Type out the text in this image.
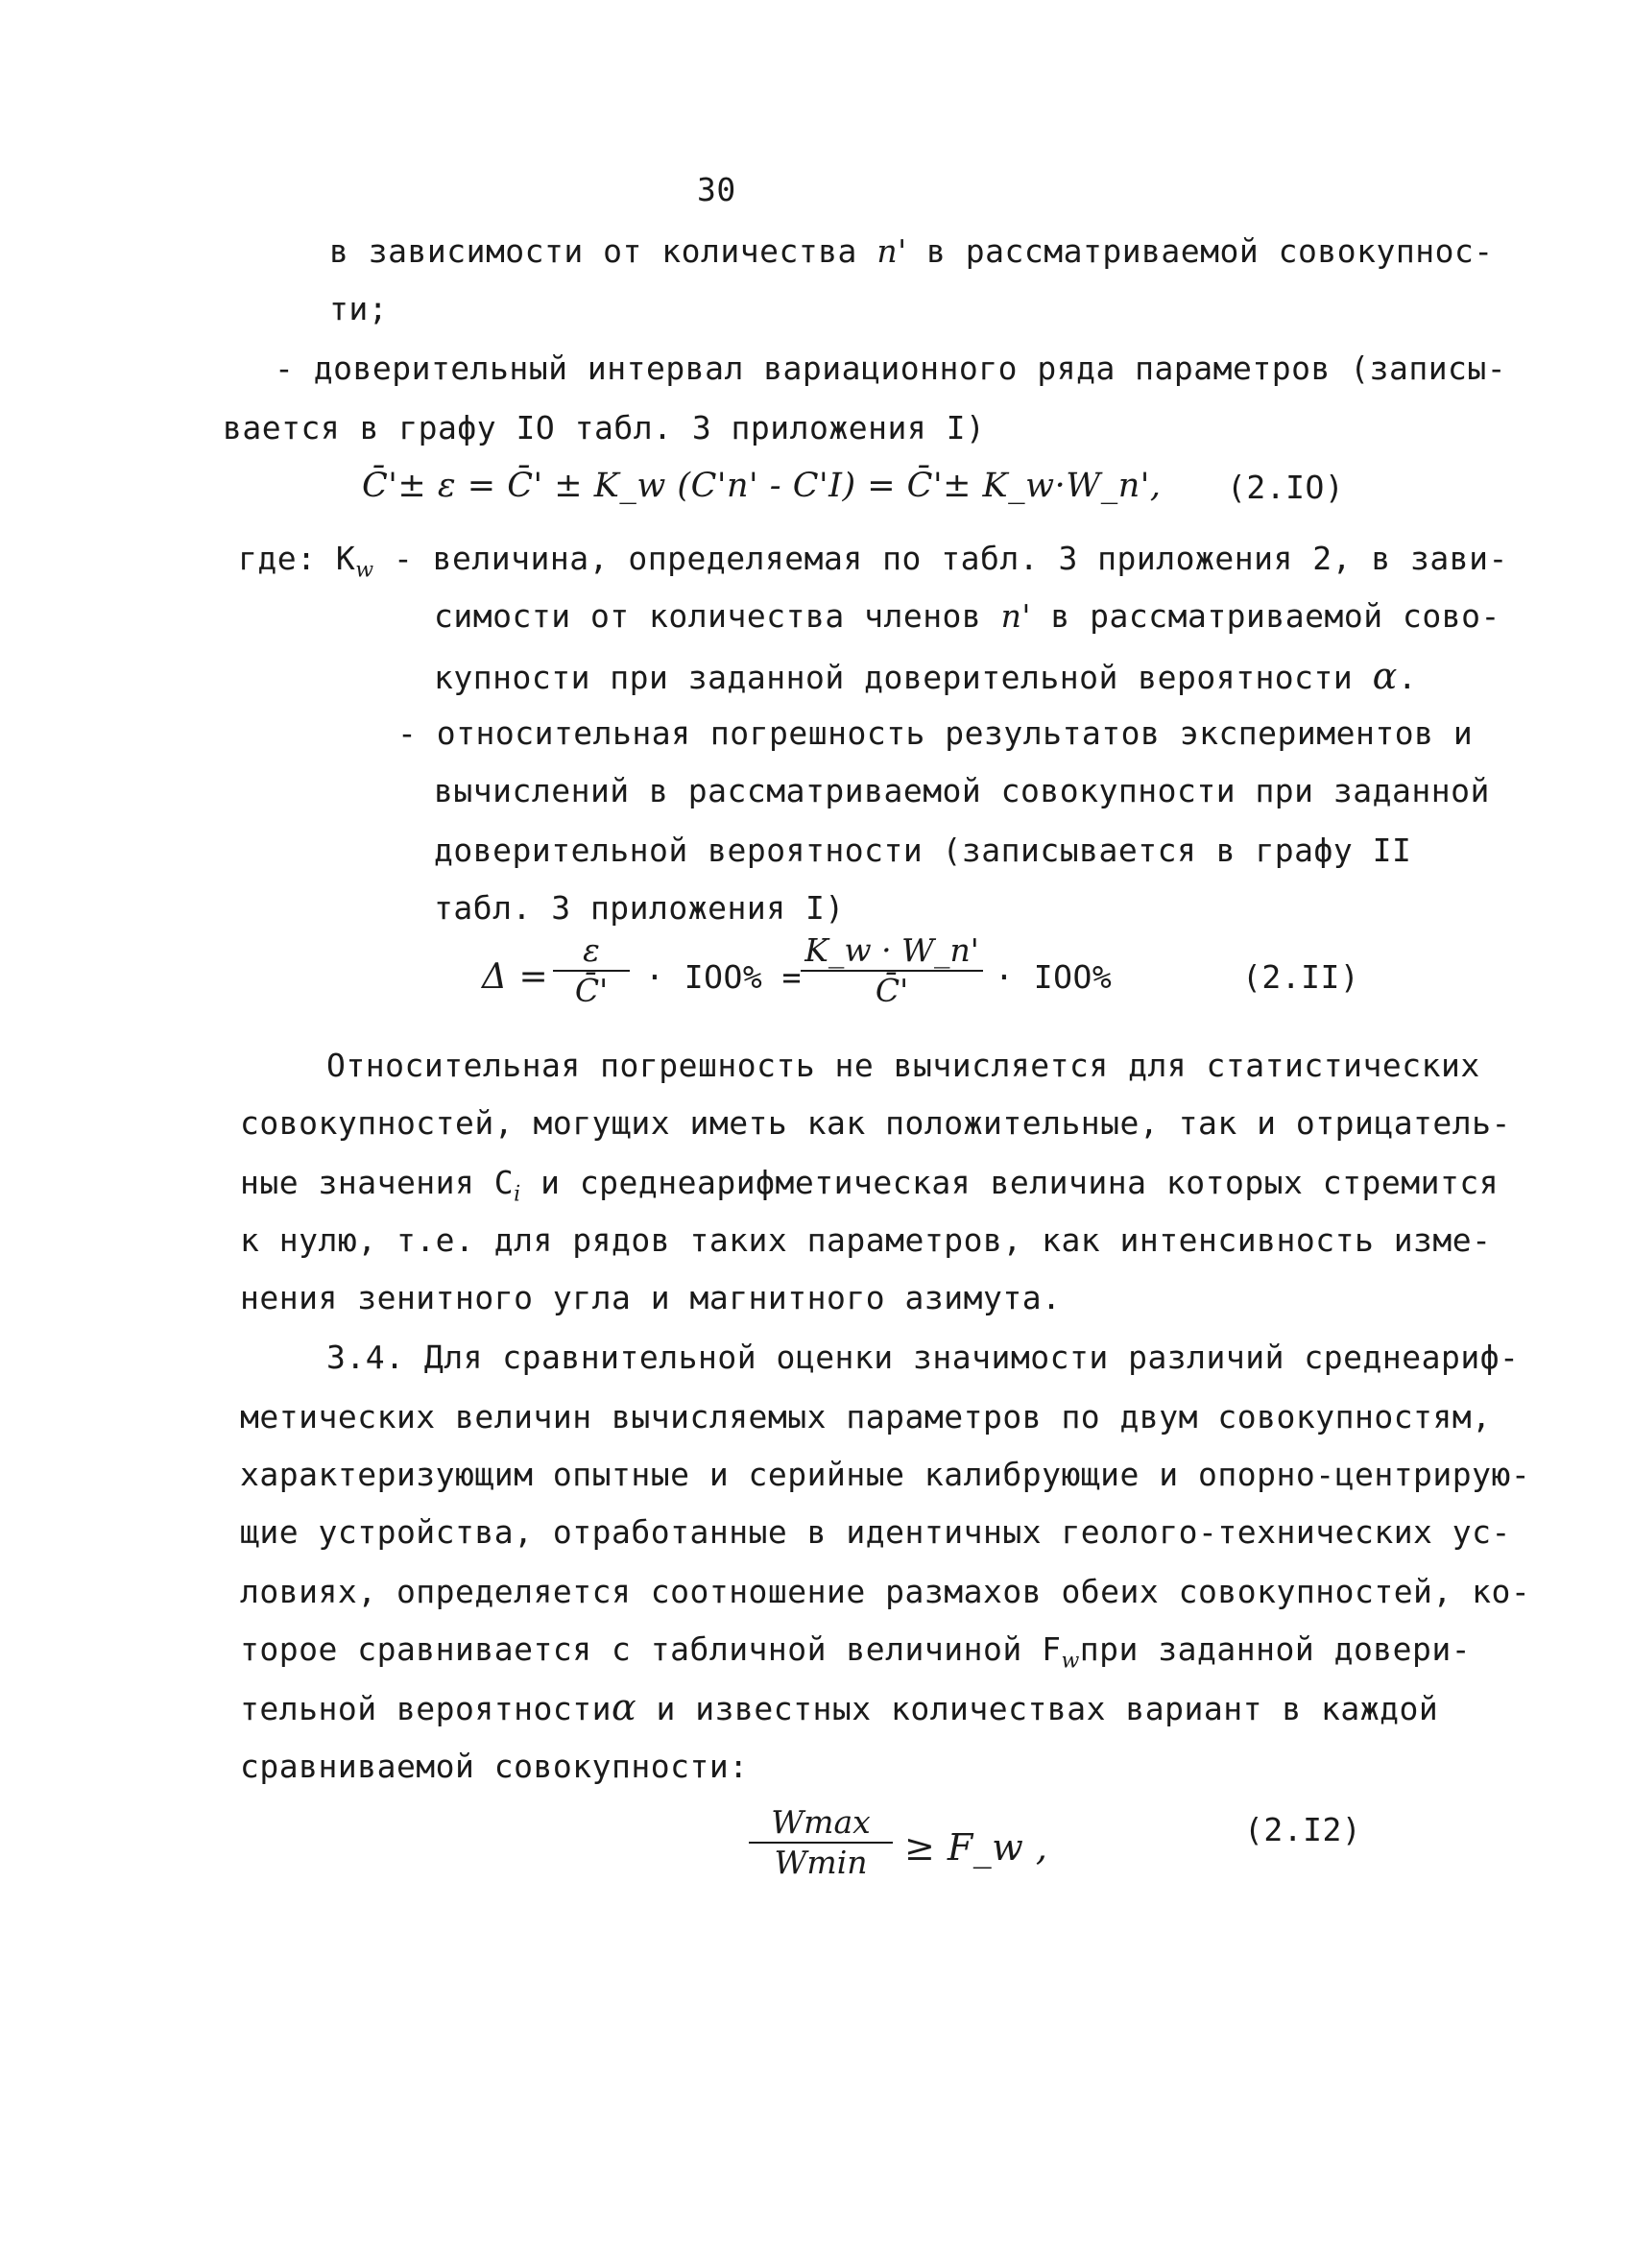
30
в зависимости от количества n' в рассматриваемой совокупнос-
ти;
- доверительный интервал вариационного ряда параметров (записы-
вается в графу IO табл. 3 приложения I)
C̄'± ε = C̄' ± K_w (C'n' - C'I) = C̄'± K_w·W_n', (2.IO)
где: $K_w$ - величина, определяемая по табл. 3 приложения 2, в зави-
симости от количества членов n' в рассматриваемой сово-
купности при заданной доверительной вероятности α.
- относительная погрешность результатов экспериментов и
вычислений в рассматриваемой совокупности при заданной
доверительной вероятности (записывается в графу II
табл. 3 приложения I)
Δ =
ε
C̄'	· IOO% =
K_w · W_n'
C̄'	· IOO%	(2.II)
Относительная погрешность не вычисляется для статистических
совокупностей, могущих иметь как положительные, так и отрицатель-
ные значения $C_i$ и среднеарифметическая величина которых стремится
к нулю, т.е. для рядов таких параметров, как интенсивность изме-
нения зенитного угла и магнитного азимута.
3.4. Для сравнительной оценки значимости различий среднеариф-
метических величин вычисляемых параметров по двум совокупностям,
характеризующим опытные и серийные калибрующие и опорно-центрирую-
щие устройства, отработанные в идентичных геолого-технических ус-
ловиях, определяется соотношение размахов обеих совокупностей, ко-
торое сравнивается с табличной величиной $F_wпри$ заданной довери-
тельной вероятностиα и известных количествах вариант в каждой
сравниваемой совокупности:
Wmax
Wmin	≥ F_w ,	(2.I2)
